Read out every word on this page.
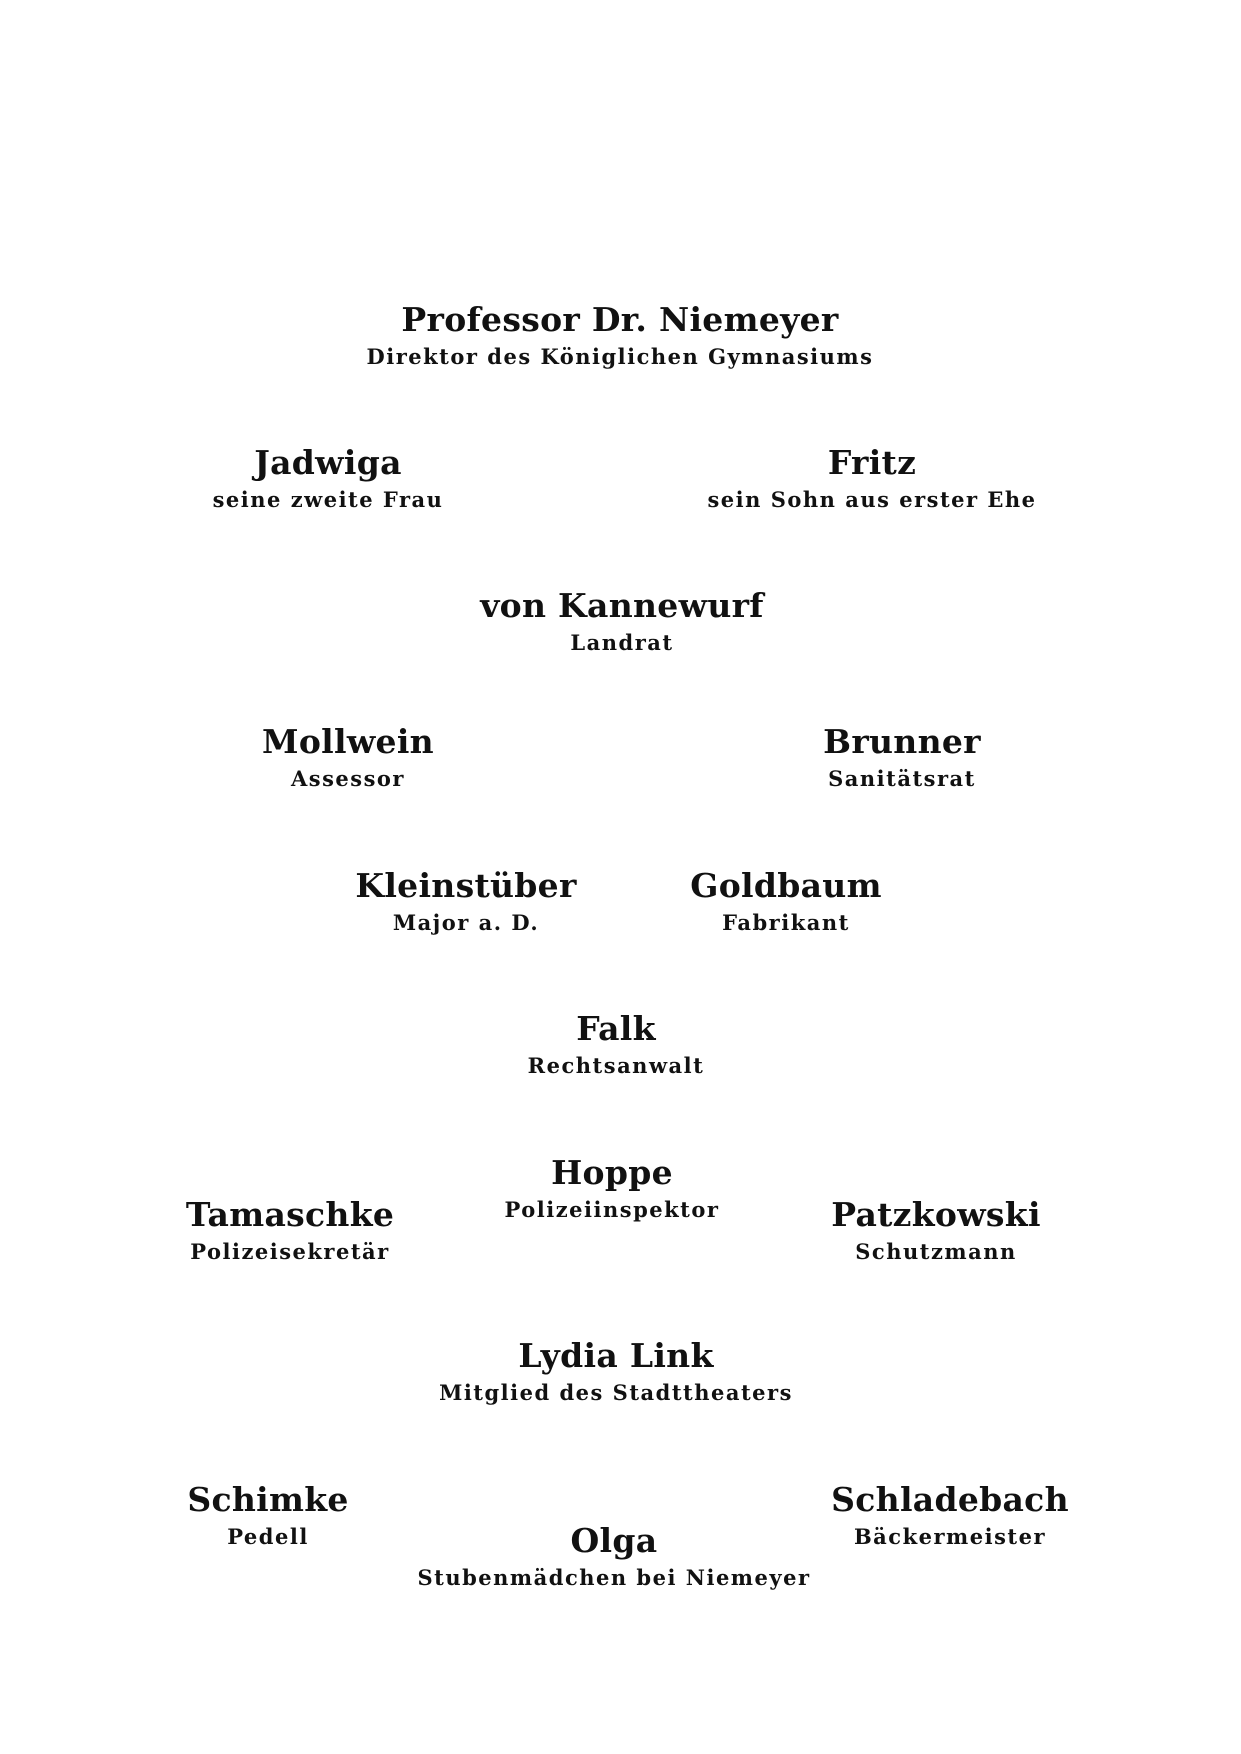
Professor Dr. Niemeyer
Direktor des Königlichen Gymnasiums
Jadwiga
seine zweite Frau
Fritz
sein Sohn aus erster Ehe
von Kannewurf
Landrat
Mollwein
Assessor
Brunner
Sanitätsrat
Kleinstüber
Major a. D.
Goldbaum
Fabrikant
Falk
Rechtsanwalt
Hoppe
Polizeiinspektor
Tamaschke
Polizeisekretär
Patzkowski
Schutzmann
Lydia Link
Mitglied des Stadttheaters
Schimke
Pedell
Schladebach
Bäckermeister
Olga
Stubenmädchen bei Niemeyer
